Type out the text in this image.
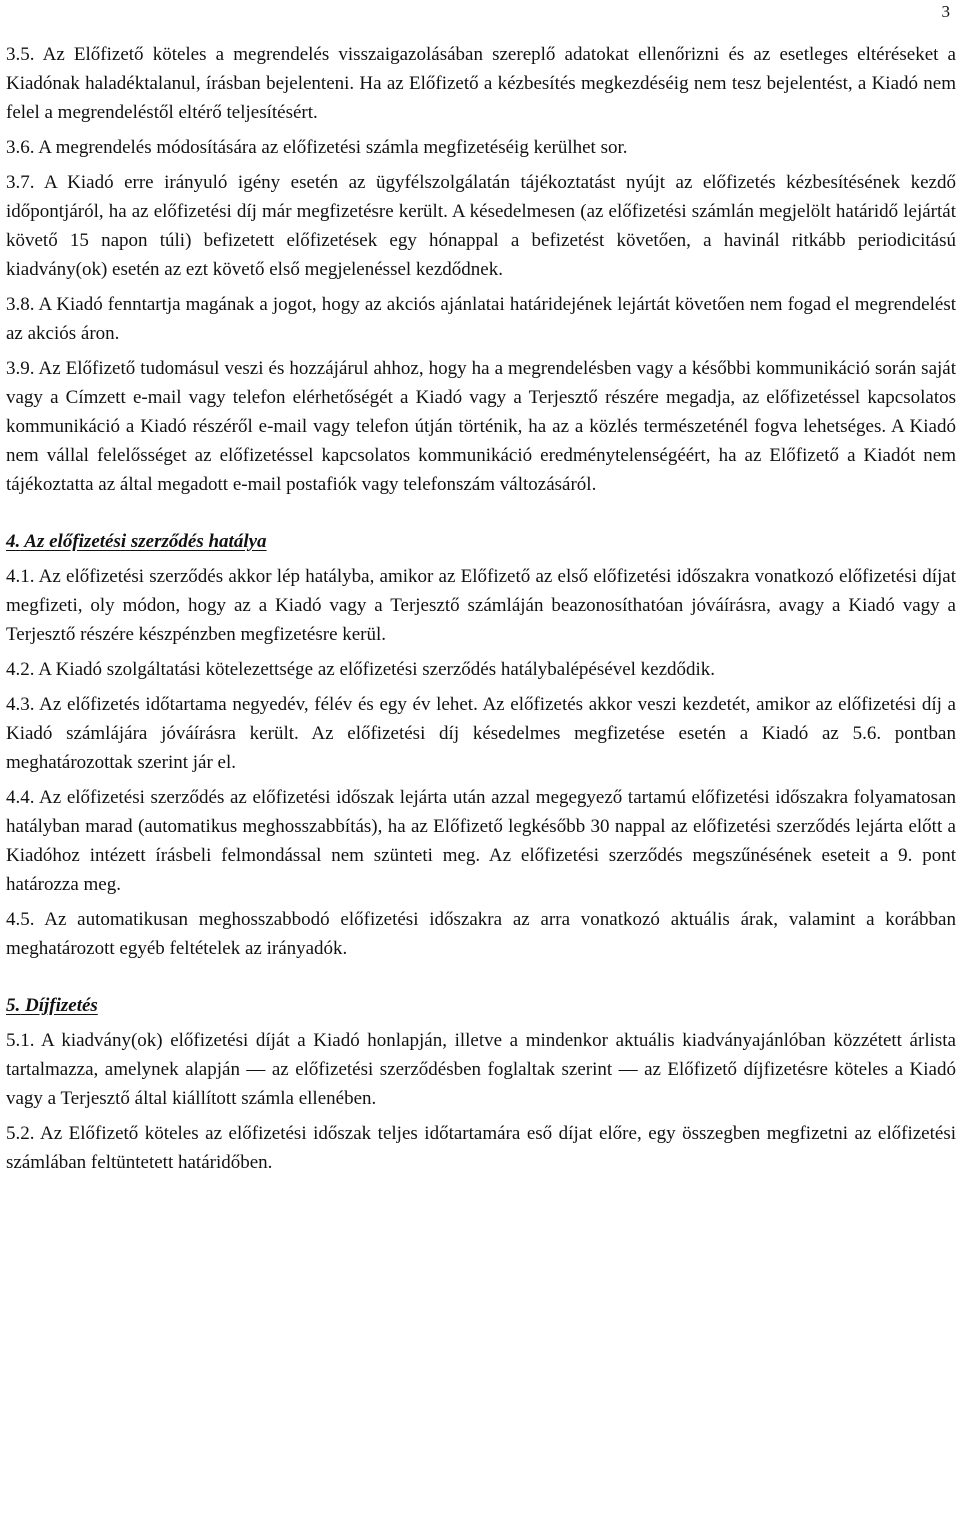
3

3.5. Az Előfizető köteles a megrendelés visszaigazolásában szereplő adatokat ellenőrizni és az esetleges eltéréseket a Kiadónak haladéktalanul, írásban bejelenteni. Ha az Előfizető a kézbesítés megkezdéséig nem tesz bejelentést, a Kiadó nem felel a megrendeléstől eltérő teljesítésért.

3.6. A megrendelés módosítására az előfizetési számla megfizetéséig kerülhet sor.

3.7. A Kiadó erre irányuló igény esetén az ügyfélszolgálatán tájékoztatást nyújt az előfizetés kézbesítésének kezdő időpontjáról, ha az előfizetési díj már megfizetésre került. A késedelmesen (az előfizetési számlán megjelölt határidő lejártát követő 15 napon túli) befizetett előfizetések egy hónappal a befizetést követően, a havinál ritkább periodicitású kiadvány(ok) esetén az ezt követő első megjelenéssel kezdődnek.

3.8. A Kiadó fenntartja magának a jogot, hogy az akciós ajánlatai határidejének lejártát követően nem fogad el megrendelést az akciós áron.

3.9. Az Előfizető tudomásul veszi és hozzájárul ahhoz, hogy ha a megrendelésben vagy a későbbi kommunikáció során saját vagy a Címzett e-mail vagy telefon elérhetőségét a Kiadó vagy a Terjesztő részére megadja, az előfizetéssel kapcsolatos kommunikáció a Kiadó részéről e-mail vagy telefon útján történik, ha az a közlés természeténél fogva lehetséges. A Kiadó nem vállal felelősséget az előfizetéssel kapcsolatos kommunikáció eredménytelenségéért, ha az Előfizető a Kiadót nem tájékoztatta az által megadott e-mail postafiók vagy telefonszám változásáról.

4. Az előfizetési szerződés hatálya

4.1. Az előfizetési szerződés akkor lép hatályba, amikor az Előfizető az első előfizetési időszakra vonatkozó előfizetési díjat megfizeti, oly módon, hogy az a Kiadó vagy a Terjesztő számláján beazonosíthatóan jóváírásra, avagy a Kiadó vagy a Terjesztő részére készpénzben megfizetésre kerül.

4.2. A Kiadó szolgáltatási kötelezettsége az előfizetési szerződés hatálybalépésével kezdődik.

4.3. Az előfizetés időtartama negyedév, félév és egy év lehet. Az előfizetés akkor veszi kezdetét, amikor az előfizetési díj a Kiadó számlájára jóváírásra került. Az előfizetési díj késedelmes megfizetése esetén a Kiadó az 5.6. pontban meghatározottak szerint jár el.

4.4. Az előfizetési szerződés az előfizetési időszak lejárta után azzal megegyező tartamú előfizetési időszakra folyamatosan hatályban marad (automatikus meghosszabbítás), ha az Előfizető legkésőbb 30 nappal az előfizetési szerződés lejárta előtt a Kiadóhoz intézett írásbeli felmondással nem szünteti meg. Az előfizetési szerződés megszűnésének eseteit a 9. pont határozza meg.

4.5. Az automatikusan meghosszabbodó előfizetési időszakra az arra vonatkozó aktuális árak, valamint a korábban meghatározott egyéb feltételek az irányadók.

5. Díjfizetés

5.1. A kiadvány(ok) előfizetési díját a Kiadó honlapján, illetve a mindenkor aktuális kiadványajánlóban közzétett árlista tartalmazza, amelynek alapján — az előfizetési szerződésben foglaltak szerint — az Előfizető díjfizetésre köteles a Kiadó vagy a Terjesztő által kiállított számla ellenében.

5.2. Az Előfizető köteles az előfizetési időszak teljes időtartamára eső díjat előre, egy összegben megfizetni az előfizetési számlában feltüntetett határidőben.
